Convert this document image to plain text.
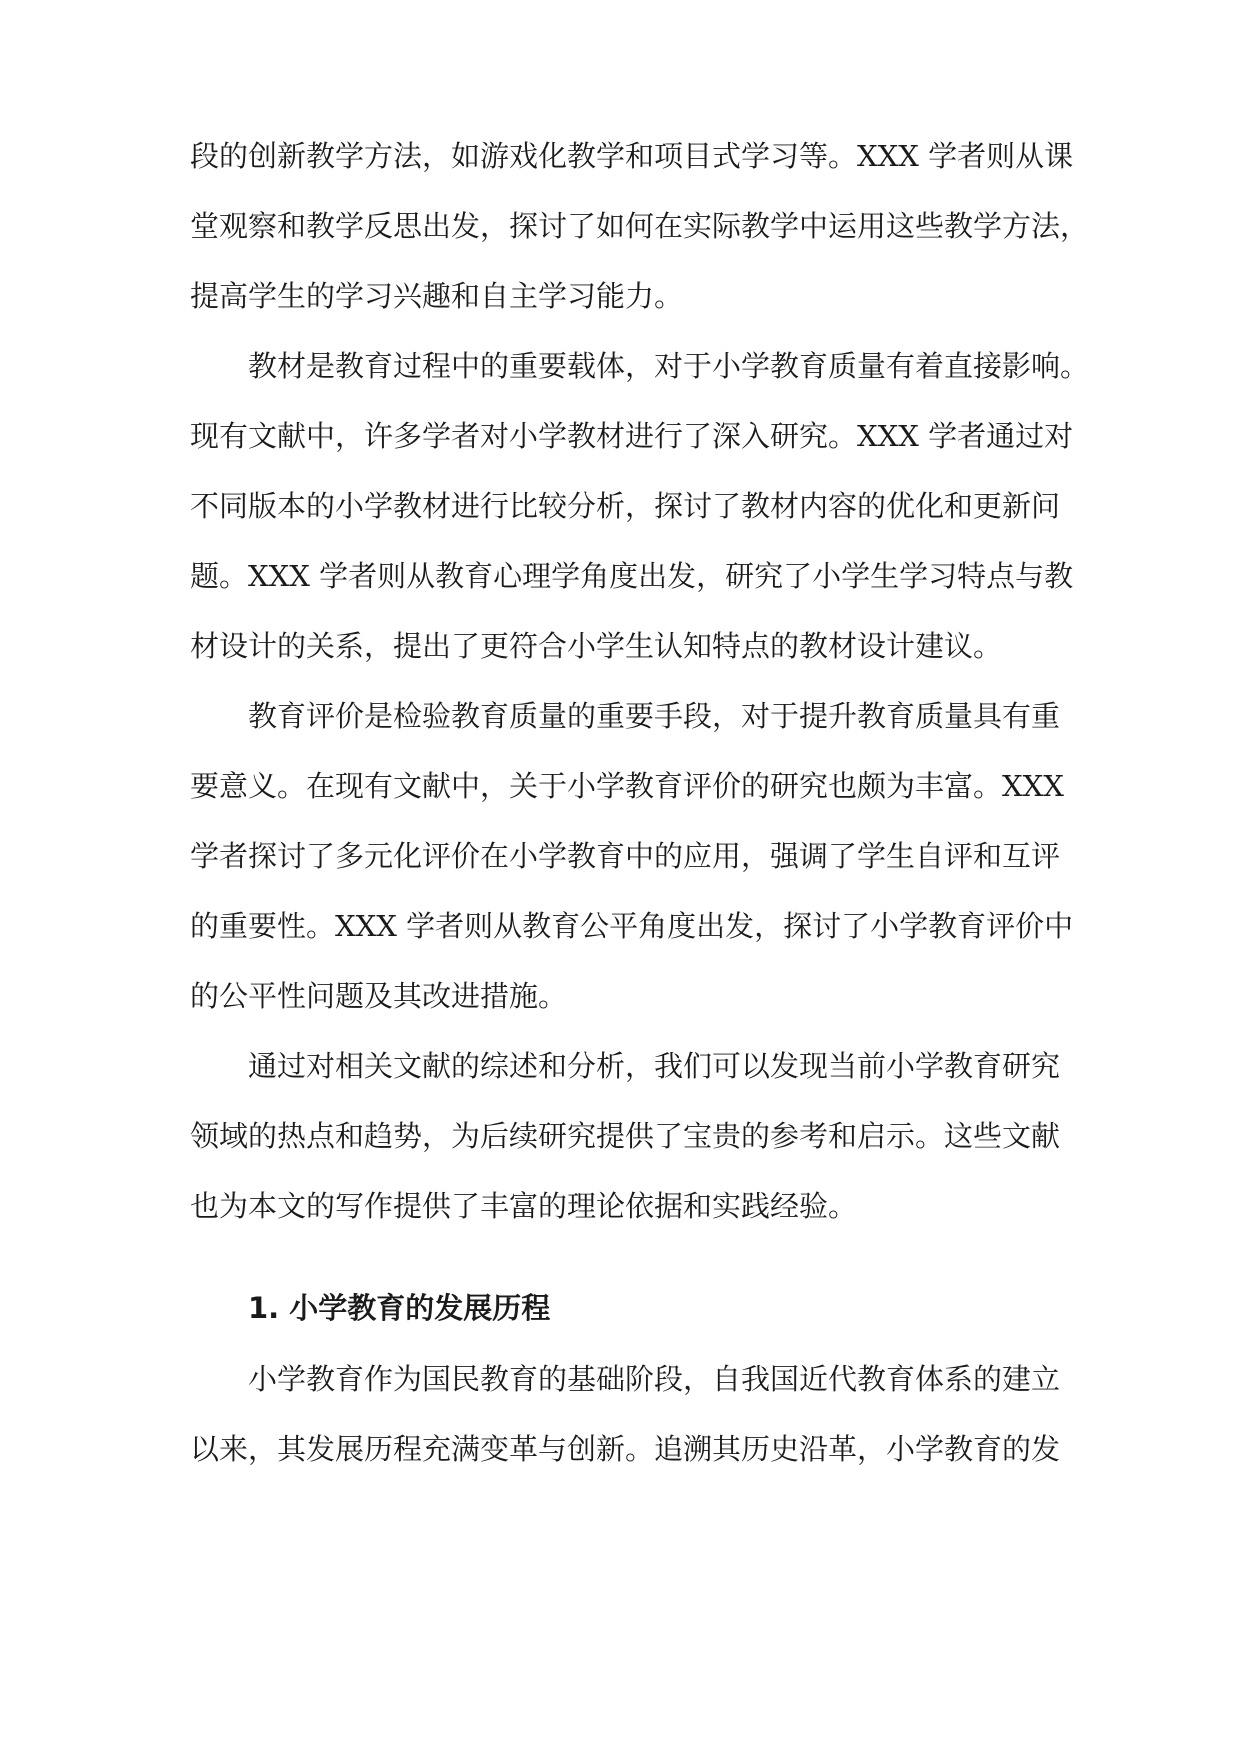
段的创新教学方法，如游戏化教学和项目式学习等。XXX 学者则从课
堂观察和教学反思出发，探讨了如何在实际教学中运用这些教学方法，
提高学生的学习兴趣和自主学习能力。
教材是教育过程中的重要载体，对于小学教育质量有着直接影响。
现有文献中，许多学者对小学教材进行了深入研究。XXX 学者通过对
不同版本的小学教材进行比较分析，探讨了教材内容的优化和更新问
题。XXX 学者则从教育心理学角度出发，研究了小学生学习特点与教
材设计的关系，提出了更符合小学生认知特点的教材设计建议。
教育评价是检验教育质量的重要手段，对于提升教育质量具有重
要意义。在现有文献中，关于小学教育评价的研究也颇为丰富。XXX
学者探讨了多元化评价在小学教育中的应用，强调了学生自评和互评
的重要性。XXX 学者则从教育公平角度出发，探讨了小学教育评价中
的公平性问题及其改进措施。
通过对相关文献的综述和分析，我们可以发现当前小学教育研究
领域的热点和趋势，为后续研究提供了宝贵的参考和启示。这些文献
也为本文的写作提供了丰富的理论依据和实践经验。
1. 小学教育的发展历程
小学教育作为国民教育的基础阶段，自我国近代教育体系的建立
以来，其发展历程充满变革与创新。追溯其历史沿革，小学教育的发
